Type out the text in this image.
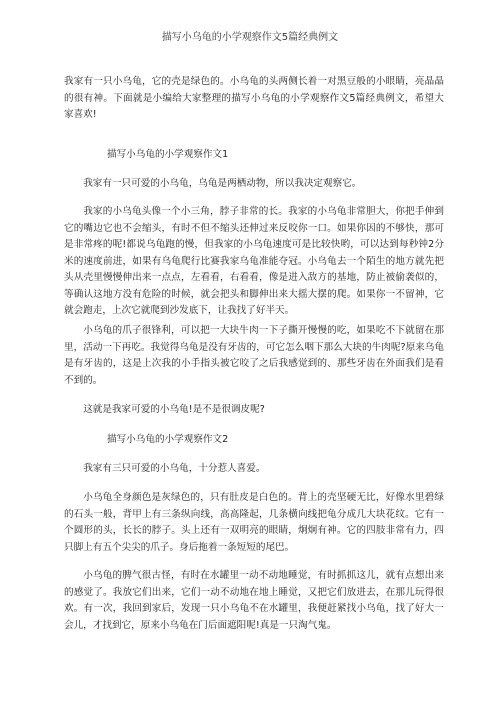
描写小乌龟的小学观察作文5篇经典例文

我家有一只小乌龟，它的壳是绿色的。小乌龟的头两侧长着一对黑豆般的小眼睛，亮晶晶的很有神。下面就是小编给大家整理的描写小乌龟的小学观察作文5篇经典例文，希望大家喜欢!

描写小乌龟的小学观察作文1

我家有一只可爱的小乌龟，乌龟是两栖动物，所以我决定观察它。

我家的小乌龟头像一个小三角，脖子非常的长。我家的小乌龟非常胆大，你把手伸到它的嘴边它也不会缩头，有时不但不缩头还伸过来反咬你一口。如果你因的不够快，那可是非常疼的呢!都说乌龟跑的慢，但我家的小乌龟速度可是比较快哟，可以达到每秒钟2分米的速度前进，如果有乌龟爬行比赛我家乌龟准能夺冠。小乌龟去一个陌生的地方就先把头从壳里慢慢伸出来一点点，左看看，右看看，像是进入敌方的基地，防止被偷袭似的，等确认这地方没有危险的时候，就会把头和脚伸出来大摇大摆的爬。如果你一不留神，它就会跑走，上次它就爬到沙发底下，让我找了好半天。

小乌龟的爪子很锋利，可以把一大块牛肉一下子撕开慢慢的吃，如果吃不下就留在那里，活动一下再吃。我觉得乌龟是没有牙齿的，可它怎么咽下那么大块的牛肉呢?原来乌龟是有牙齿的，这是上次我的小手指头被它咬了之后我感觉到的、那些牙齿在外面我们是看不到的。

这就是我家可爱的小乌龟!是不是很调皮呢?

描写小乌龟的小学观察作文2

我家有三只可爱的小乌龟，十分惹人喜爱。

小乌龟全身颜色是灰绿色的，只有肚皮是白色的。背上的壳坚硬无比，好像水里碧绿的石头一般，背甲上有三条纵向线，高高隆起，几条横向线把龟分成几大块花纹。它有一个圆形的头，长长的脖子。头上还有一双明亮的眼睛，炯炯有神。它的四肢非常有力，四只脚上有五个尖尖的爪子。身后拖着一条短短的尾巴。

小乌龟的脾气很古怪，有时在水罐里一动不动地睡觉，有时抓抓这儿，就有点想出来的感觉了。我放它们出来，它们一动不动地在地上睡觉，又把它们放进去，在那儿玩得很欢。有一次，我回到家后，发现一只小乌龟不在水罐里，我便赶紧找小乌龟，找了好大一会儿，才找到它，原来小乌龟在门后面遮阳呢!真是一只淘气鬼。
